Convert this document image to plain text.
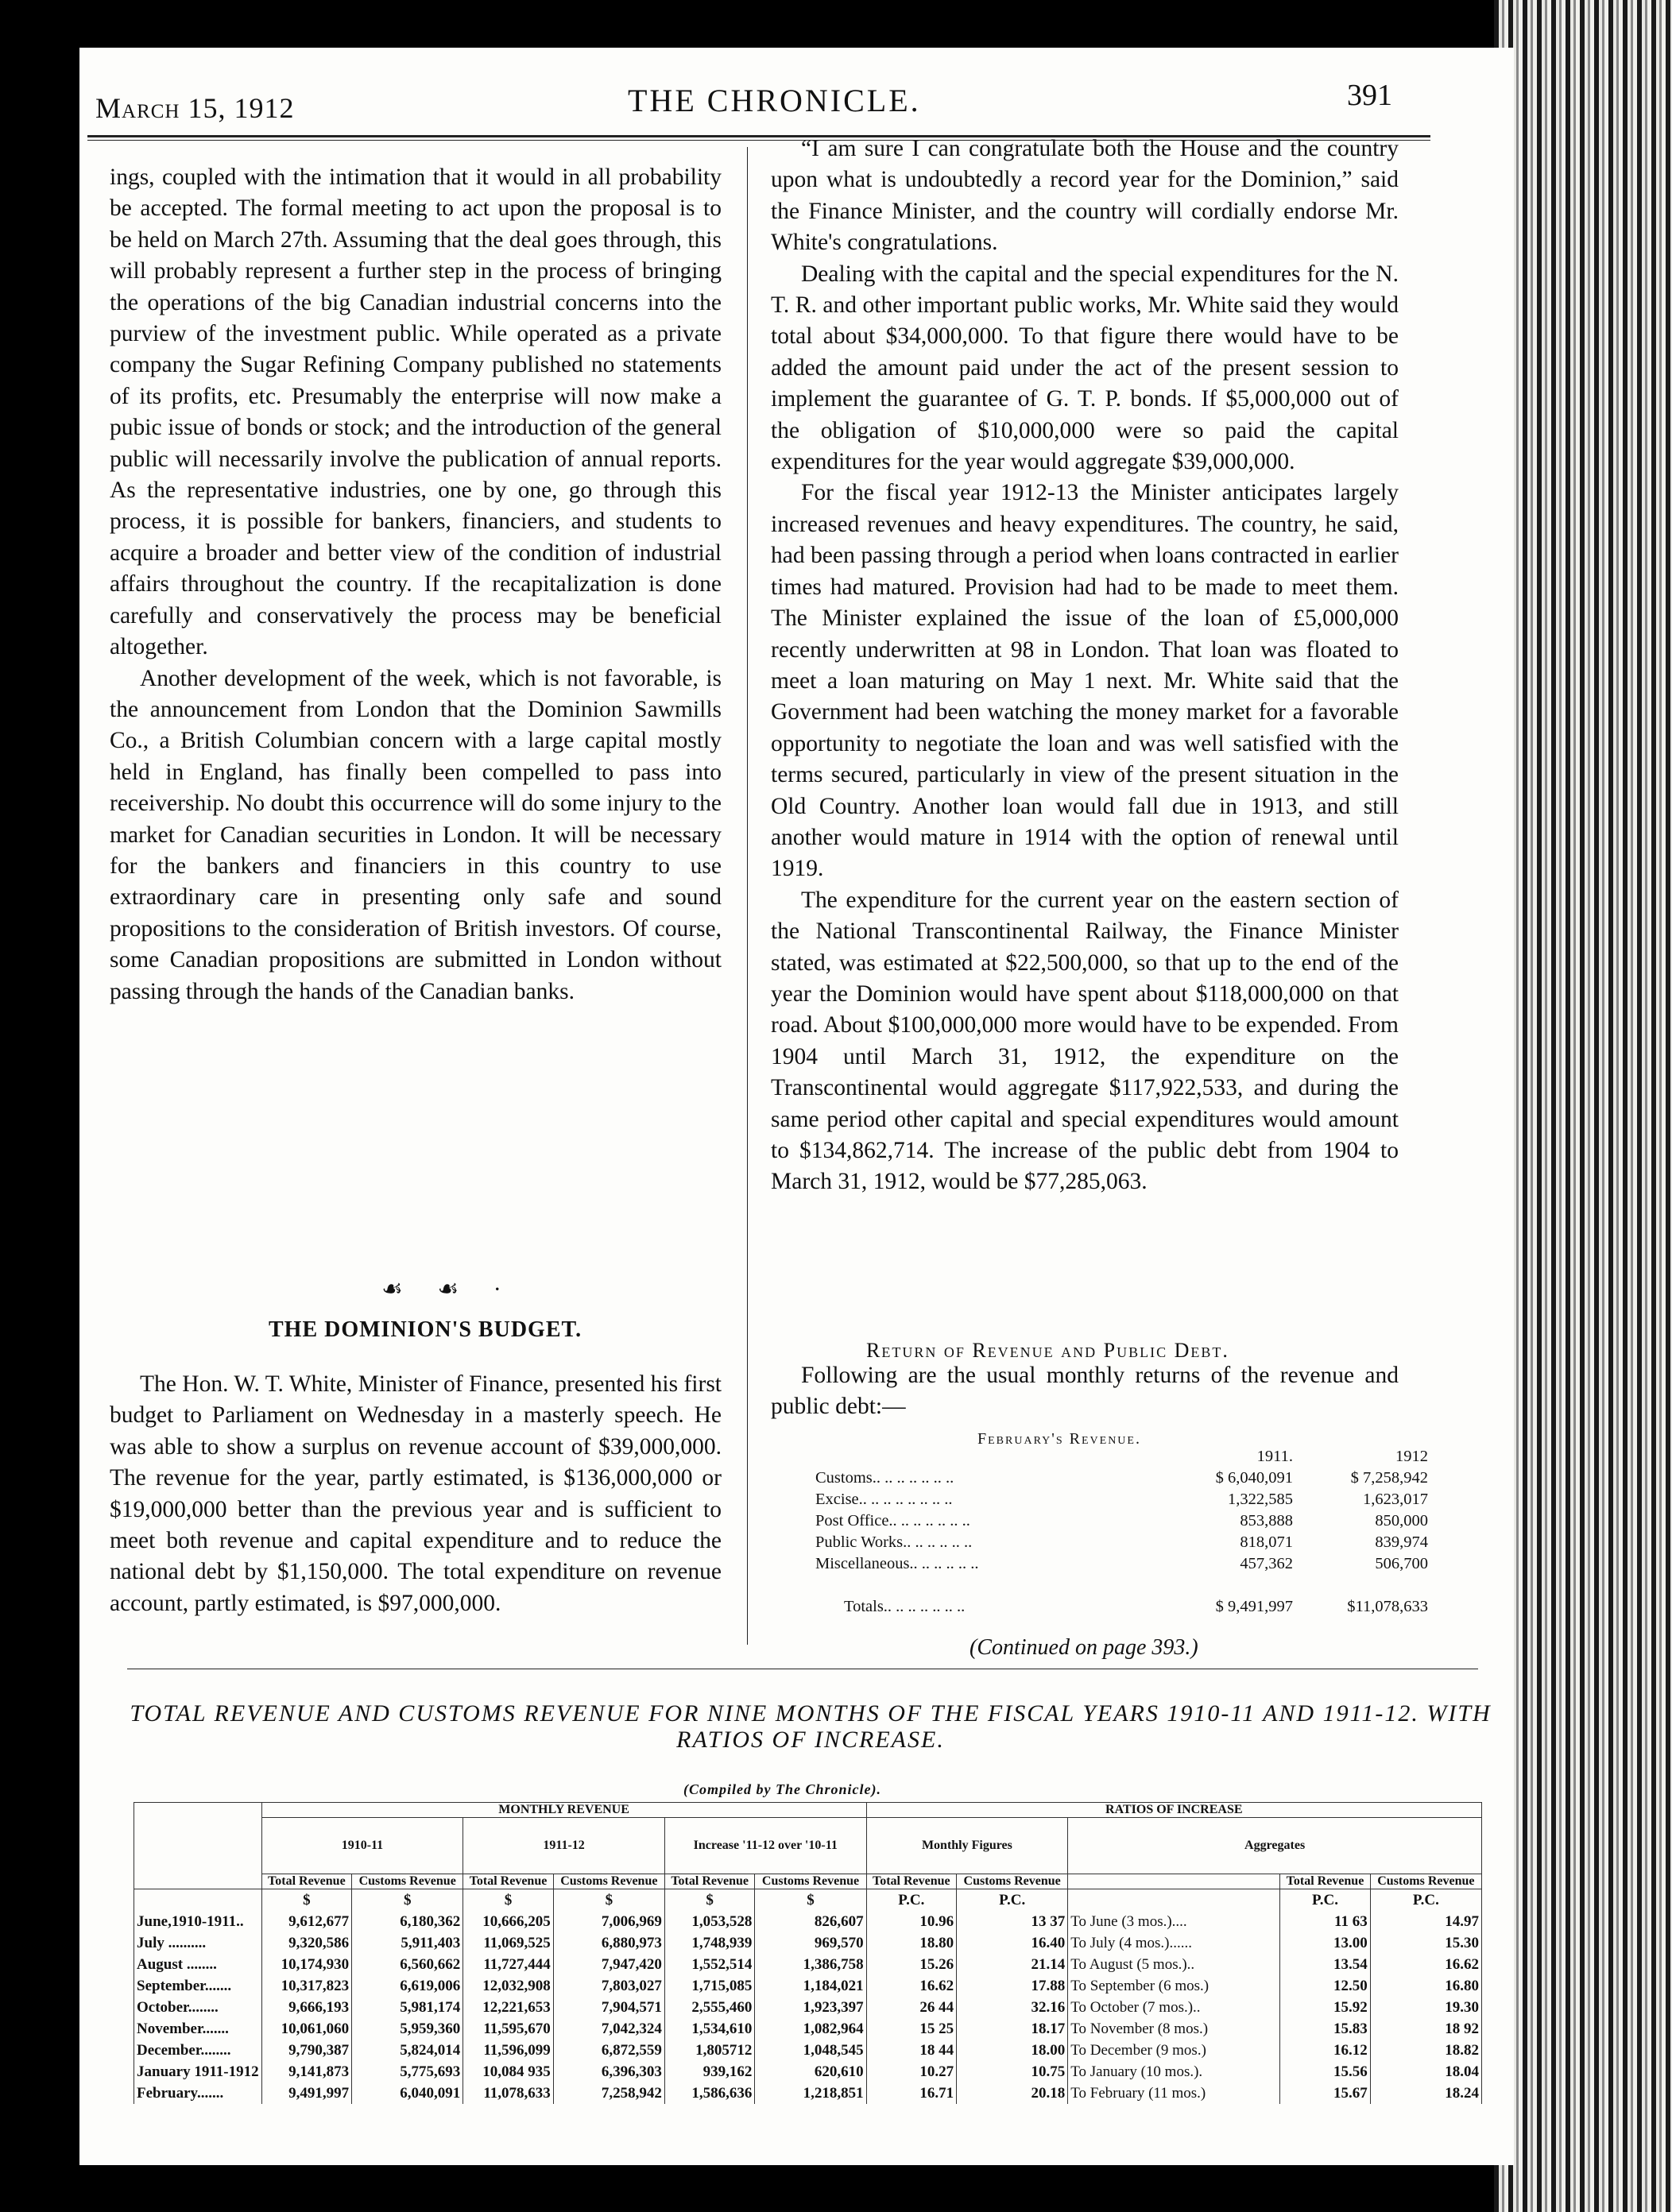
March 15, 1912	THE CHRONICLE.	391

ings, coupled with the intimation that it would in all probability be accepted. The formal meeting to act upon the proposal is to be held on March 27th. Assuming that the deal goes through, this will probably represent a further step in the process of bringing the operations of the big Canadian industrial concerns into the purview of the investment public. While operated as a private company the Sugar Refining Company published no statements of its profits, etc. Presumably the enterprise will now make a pubic issue of bonds or stock; and the introduction of the general public will necessarily involve the publication of annual reports. As the representative industries, one by one, go through this process, it is possible for bankers, financiers, and students to acquire a broader and better view of the condition of industrial affairs throughout the country. If the recapitalization is done carefully and conservatively the process may be beneficial altogether.

Another development of the week, which is not favorable, is the announcement from London that the Dominion Sawmills Co., a British Columbian concern with a large capital mostly held in England, has finally been compelled to pass into receivership. No doubt this occurrence will do some injury to the market for Canadian securities in London. It will be necessary for the bankers and financiers in this country to use extraordinary care in presenting only safe and sound propositions to the consideration of British investors. Of course, some Canadian propositions are submitted in London without passing through the hands of the Canadian banks.

☙ ☙ ·
THE DOMINION'S BUDGET.

The Hon. W. T. White, Minister of Finance, presented his first budget to Parliament on Wednesday in a masterly speech. He was able to show a surplus on revenue account of $39,000,000. The revenue for the year, partly estimated, is $136,000,000 or $19,000,000 better than the previous year and is sufficient to meet both revenue and capital expenditure and to reduce the national debt by $1,150,000. The total expenditure on revenue account, partly estimated, is $97,000,000.

“I am sure I can congratulate both the House and the country upon what is undoubtedly a record year for the Dominion,” said the Finance Minister, and the country will cordially endorse Mr. White's congratulations.

Dealing with the capital and the special expenditures for the N. T. R. and other important public works, Mr. White said they would total about $34,000,000. To that figure there would have to be added the amount paid under the act of the present session to implement the guarantee of G. T. P. bonds. If $5,000,000 out of the obligation of $10,000,000 were so paid the capital expenditures for the year would aggregate $39,000,000.

For the fiscal year 1912-13 the Minister anticipates largely increased revenues and heavy expenditures. The country, he said, had been passing through a period when loans contracted in earlier times had matured. Provision had had to be made to meet them. The Minister explained the issue of the loan of £5,000,000 recently underwritten at 98 in London. That loan was floated to meet a loan maturing on May 1 next. Mr. White said that the Government had been watching the money market for a favorable opportunity to negotiate the loan and was well satisfied with the terms secured, particularly in view of the present situation in the Old Country. Another loan would fall due in 1913, and still another would mature in 1914 with the option of renewal until 1919.

The expenditure for the current year on the eastern section of the National Transcontinental Railway, the Finance Minister stated, was estimated at $22,500,000, so that up to the end of the year the Dominion would have spent about $118,000,000 on that road. About $100,000,000 more would have to be expended. From 1904 until March 31, 1912, the expenditure on the Transcontinental would aggregate $117,922,533, and during the same period other capital and special expenditures would amount to $134,862,714. The increase of the public debt from 1904 to March 31, 1912, would be $77,285,063.

Return of Revenue and Public Debt.

Following are the usual monthly returns of the revenue and public debt:—

February's Revenue.
	1911.	1912
Customs.. .. .. .. .. .. ..	$ 6,040,091	$ 7,258,942
Excise.. .. .. .. .. .. .. ..	1,322,585	1,623,017
Post Office.. .. .. .. .. .. ..	853,888	850,000
Public Works.. .. .. .. .. ..	818,071	839,974
Miscellaneous.. .. .. .. .. ..	457,362	506,700

Totals.. .. .. .. .. .. ..	$ 9,491,997	$11,078,633
(Continued on page 393.)
TOTAL REVENUE AND CUSTOMS REVENUE FOR NINE MONTHS OF THE FISCAL YEARS 1910-11 AND 1911-12. WITH RATIOS OF INCREASE.
(Compiled by The Chronicle).
	MONTHLY REVENUE						RATIOS OF INCREASE				
	1910-11		1911-12		Increase '11-12 over '10-11		Monthly Figures		Aggregates		
	Total Revenue	Customs Revenue	Total Revenue	Customs Revenue	Total Revenue	Customs Revenue	Total Revenue	Customs Revenue		Total Revenue	Customs Revenue
	$	$	$	$	$	$	P.C.	P.C.		P.C.	P.C.
June,1910-1911..	9,612,677	6,180,362	10,666,205	7,006,969	1,053,528	826,607	10.96	13 37	To June (3 mos.)....	11 63	14.97
July ..........	9,320,586	5,911,403	11,069,525	6,880,973	1,748,939	969,570	18.80	16.40	To July (4 mos.)......	13.00	15.30
August ........	10,174,930	6,560,662	11,727,444	7,947,420	1,552,514	1,386,758	15.26	21.14	To August (5 mos.)..	13.54	16.62
September.......	10,317,823	6,619,006	12,032,908	7,803,027	1,715,085	1,184,021	16.62	17.88	To September (6 mos.)	12.50	16.80
October........	9,666,193	5,981,174	12,221,653	7,904,571	2,555,460	1,923,397	26 44	32.16	To October (7 mos.)..	15.92	19.30
November.......	10,061,060	5,959,360	11,595,670	7,042,324	1,534,610	1,082,964	15 25	18.17	To November (8 mos.)	15.83	18 92
December........	9,790,387	5,824,014	11,596,099	6,872,559	1,805712	1,048,545	18 44	18.00	To December (9 mos.)	16.12	18.82
January 1911-1912	9,141,873	5,775,693	10,084 935	6,396,303	939,162	620,610	10.27	10.75	To January (10 mos.).	15.56	18.04
February.......	9,491,997	6,040,091	11,078,633	7,258,942	1,586,636	1,218,851	16.71	20.18	To February (11 mos.)	15.67	18.24
